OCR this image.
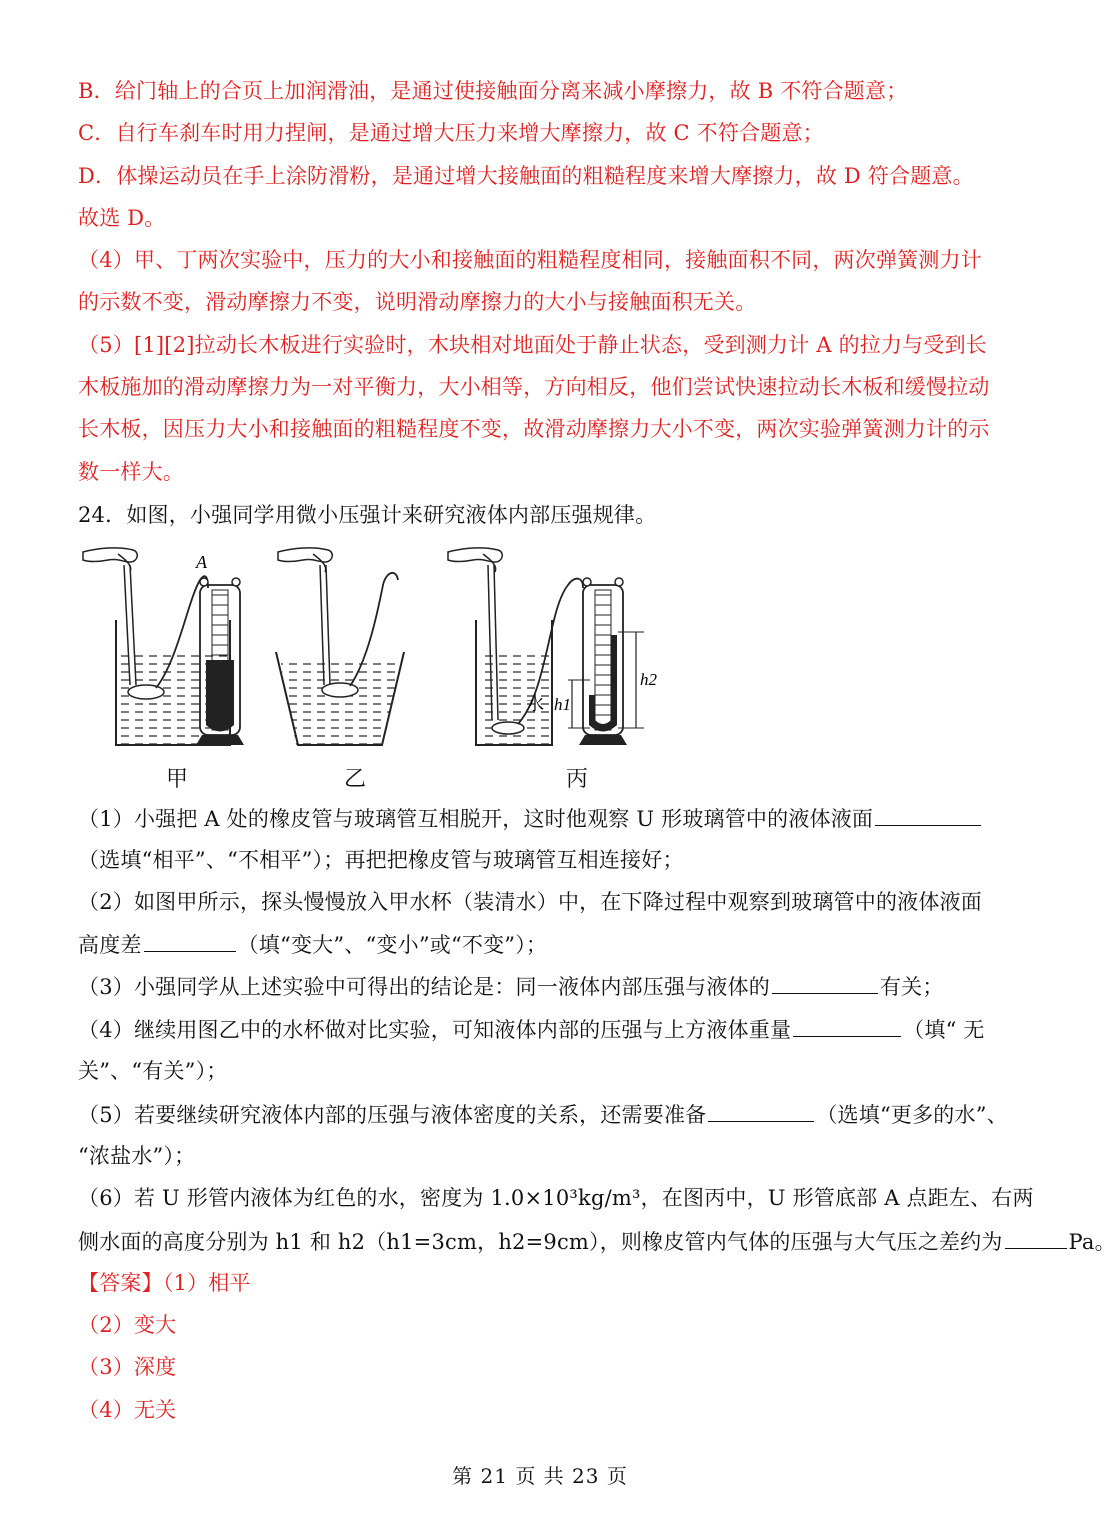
B．给门轴上的合页上加润滑油，是通过使接触面分离来减小摩擦力，故 B 不符合题意；
C．自行车刹车时用力捏闸，是通过增大压力来增大摩擦力，故 C 不符合题意；
D．体操运动员在手上涂防滑粉，是通过增大接触面的粗糙程度来增大摩擦力，故 D 符合题意。
故选 D。
（4）甲、丁两次实验中，压力的大小和接触面的粗糙程度相同，接触面积不同，两次弹簧测力计
的示数不变，滑动摩擦力不变，说明滑动摩擦力的大小与接触面积无关。
（5）[1][2]拉动长木板进行实验时，木块相对地面处于静止状态，受到测力计 A 的拉力与受到长
木板施加的滑动摩擦力为一对平衡力，大小相等，方向相反，他们尝试快速拉动长木板和缓慢拉动
长木板，因压力大小和接触面的粗糙程度不变，故滑动摩擦力大小不变，两次实验弹簧测力计的示
数一样大。
24．如图，小强同学用微小压强计来研究液体内部压强规律。
A
水 h1
h2
甲	乙	丙
（1）小强把 A 处的橡皮管与玻璃管互相脱开，这时他观察 U 形玻璃管中的液体液面
（选填“相平”、“不相平”）；再把把橡皮管与玻璃管互相连接好；
（2）如图甲所示，探头慢慢放入甲水杯（装清水）中，在下降过程中观察到玻璃管中的液体液面
高度差	（填“变大”、“变小”或“不变”）；
（3）小强同学从上述实验中可得出的结论是：同一液体内部压强与液体的	有关；
（4）继续用图乙中的水杯做对比实验，可知液体内部的压强与上方液体重量	（填“ 无
关”、“有关”）；
（5）若要继续研究液体内部的压强与液体密度的关系，还需要准备	（选填“更多的水”、
“浓盐水”）；
（6）若 U 形管内液体为红色的水，密度为 1.0×10³kg/m³，在图丙中，U 形管底部 A 点距左、右两
侧水面的高度分别为 h1 和 h2（h1=3cm，h2=9cm），则橡皮管内气体的压强与大气压之差约为	Pa。
【答案】（1）相平
（2）变大
（3）深度
（4）无关
第 21 页 共 23 页
